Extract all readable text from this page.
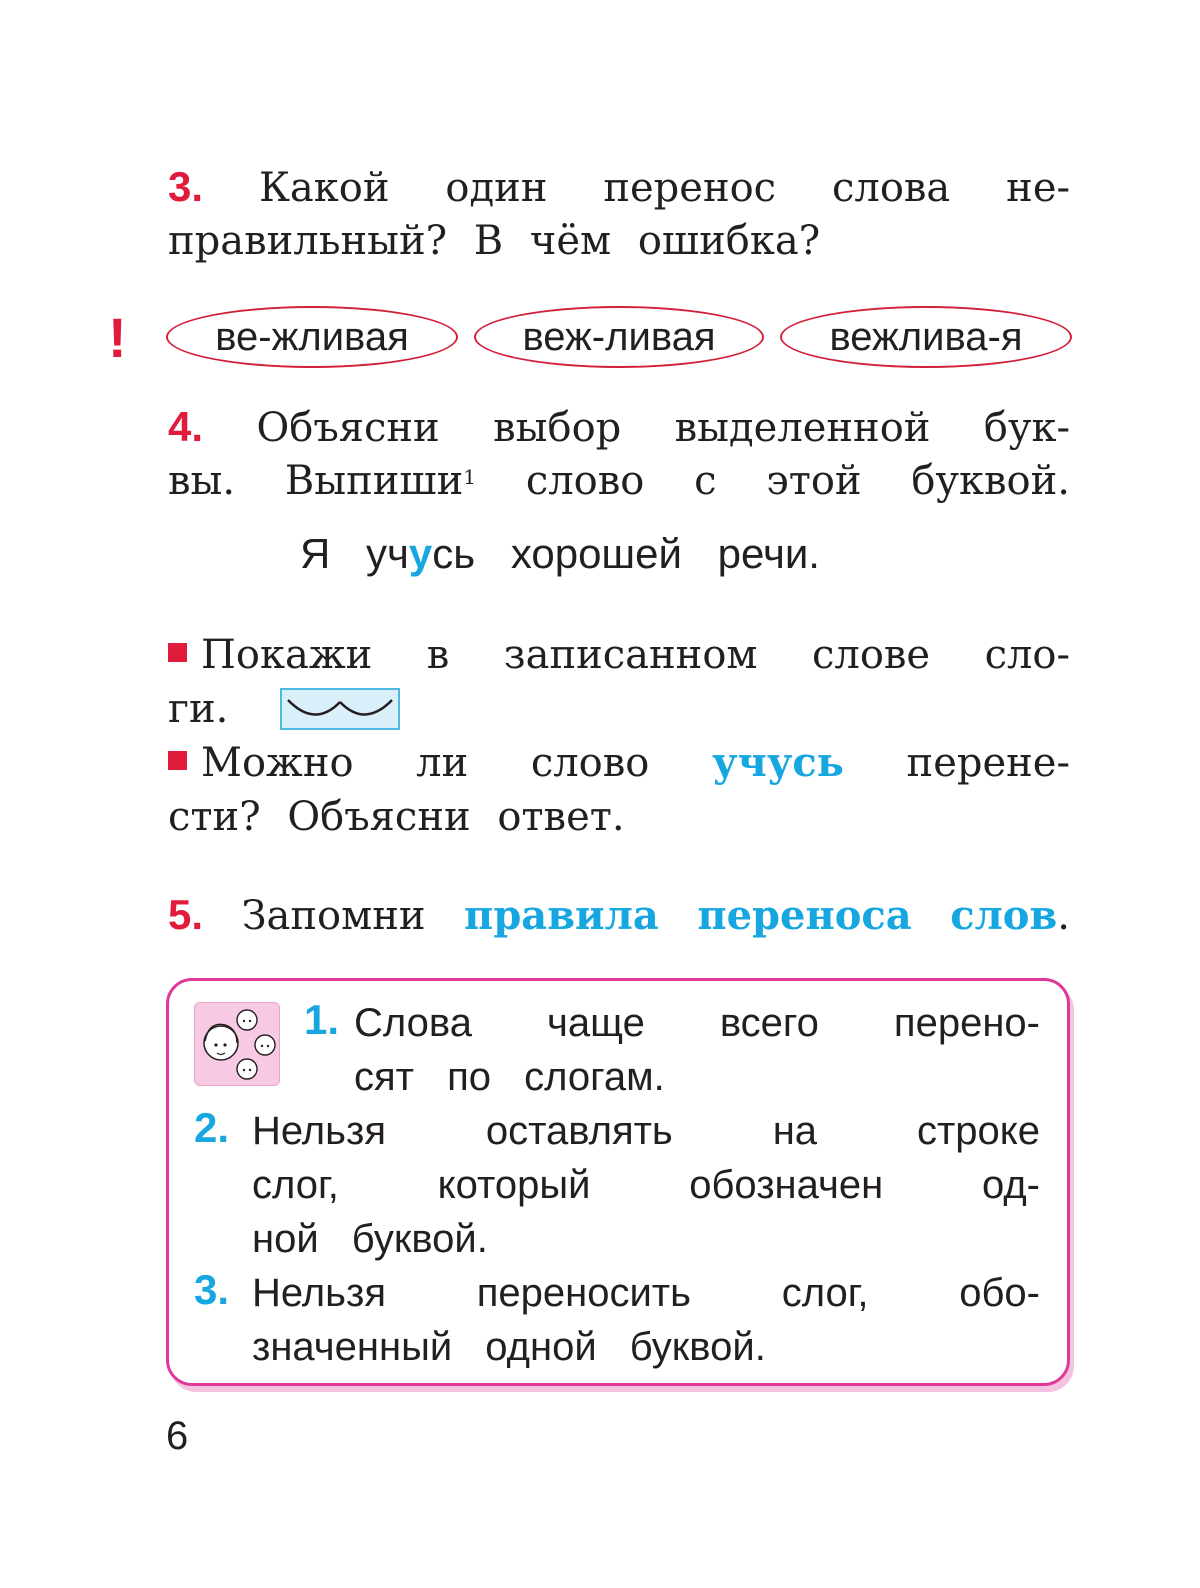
3. Какой один перенос слова не-
правильный? В чём ошибка?
!	ве-жливая	веж-ливая	вежлива-я
4. Объясни выбор выделенной бук-
вы. Выпиши$^1$ слово с этой буквой.
Я учусь хорошей речи.
Покажи в записанном слове сло-
ги.
Можно ли слово учусь перене-
сти? Объясни ответ.
5. Запомни правила переноса слов.
1. Слова чаще всего перено-
сят по слогам.
2. Нельзя оставлять на строке
слог, который обозначен од-
ной буквой.
3. Нельзя переносить слог, обо-
значенный одной буквой.
6
